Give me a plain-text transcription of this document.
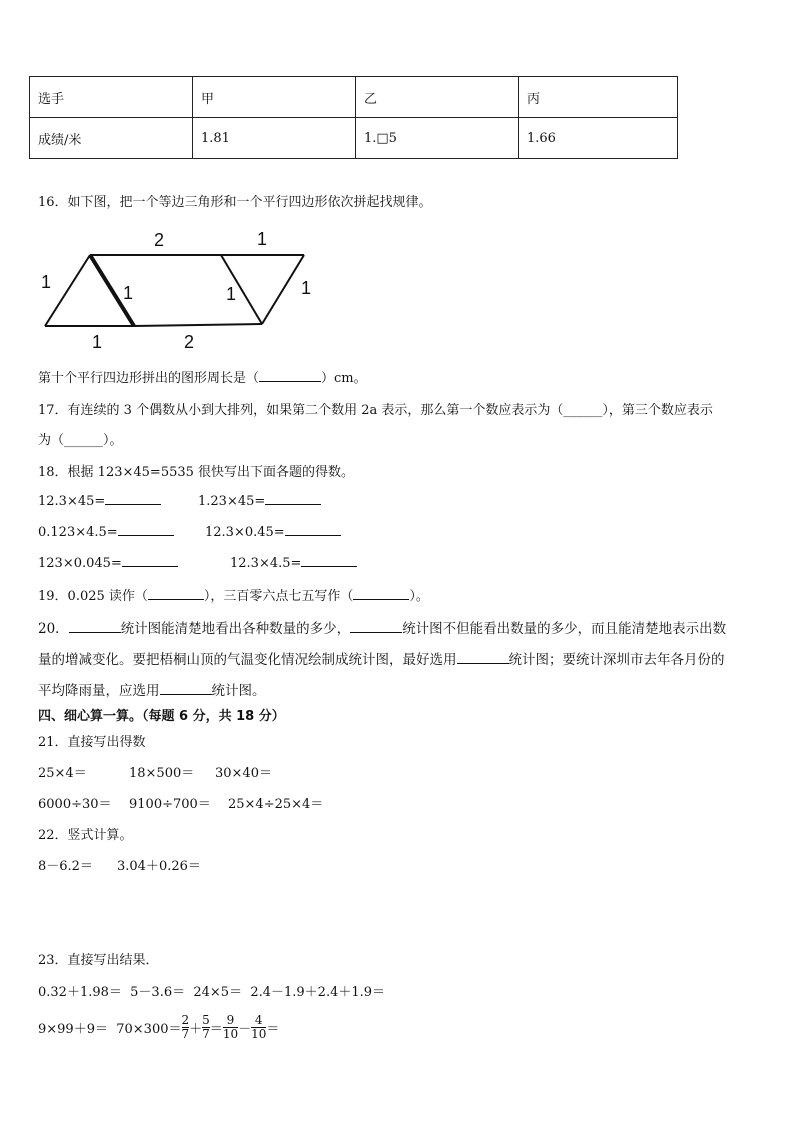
选手	甲	乙	丙
成绩/米	1.81	1.□5	1.66
16．如下图，把一个等边三角形和一个平行四边形依次拼起找规律。
2	1
1
1	1	1
1	2
第十个平行四边形拼出的图形周长是（	）cm。
17．有连续的 3 个偶数从小到大排列，如果第二个数用 2a 表示，那么第一个数应表示为（______），第三个数应表示
为（______）。
18．根据 123×45=5535 很快写出下面各题的得数。
12.3×45=	1.23×45=
0.123×4.5=	12.3×0.45=
123×0.045=	12.3×4.5=
19．0.025 读作（	），三百零六点七五写作（	）。
20．	统计图能清楚地看出各种数量的多少，	统计图不但能看出数量的多少，而且能清楚地表示出数
量的增减变化。要把梧桐山顶的气温变化情况绘制成统计图，最好选用	统计图；要统计深圳市去年各月份的
平均降雨量，应选用	统计图。
四、细心算一算。（每题 6 分，共 18 分）
21．直接写出得数
25×4＝	18×500＝ 30×40＝
6000÷30＝ 9100÷700＝ 25×4÷25×4＝
22．竖式计算。
8－6.2＝ 3.04＋0.26＝
23．直接写出结果．
0.32＋1.98＝  5－3.6＝  24×5＝  2.4－1.9＋2.4＋1.9＝
$9\times 99+9= 70\times 300= \frac{2}{7} + \frac{5}{7} = \frac{9}{10} - \frac{4}{10}$ ＝
